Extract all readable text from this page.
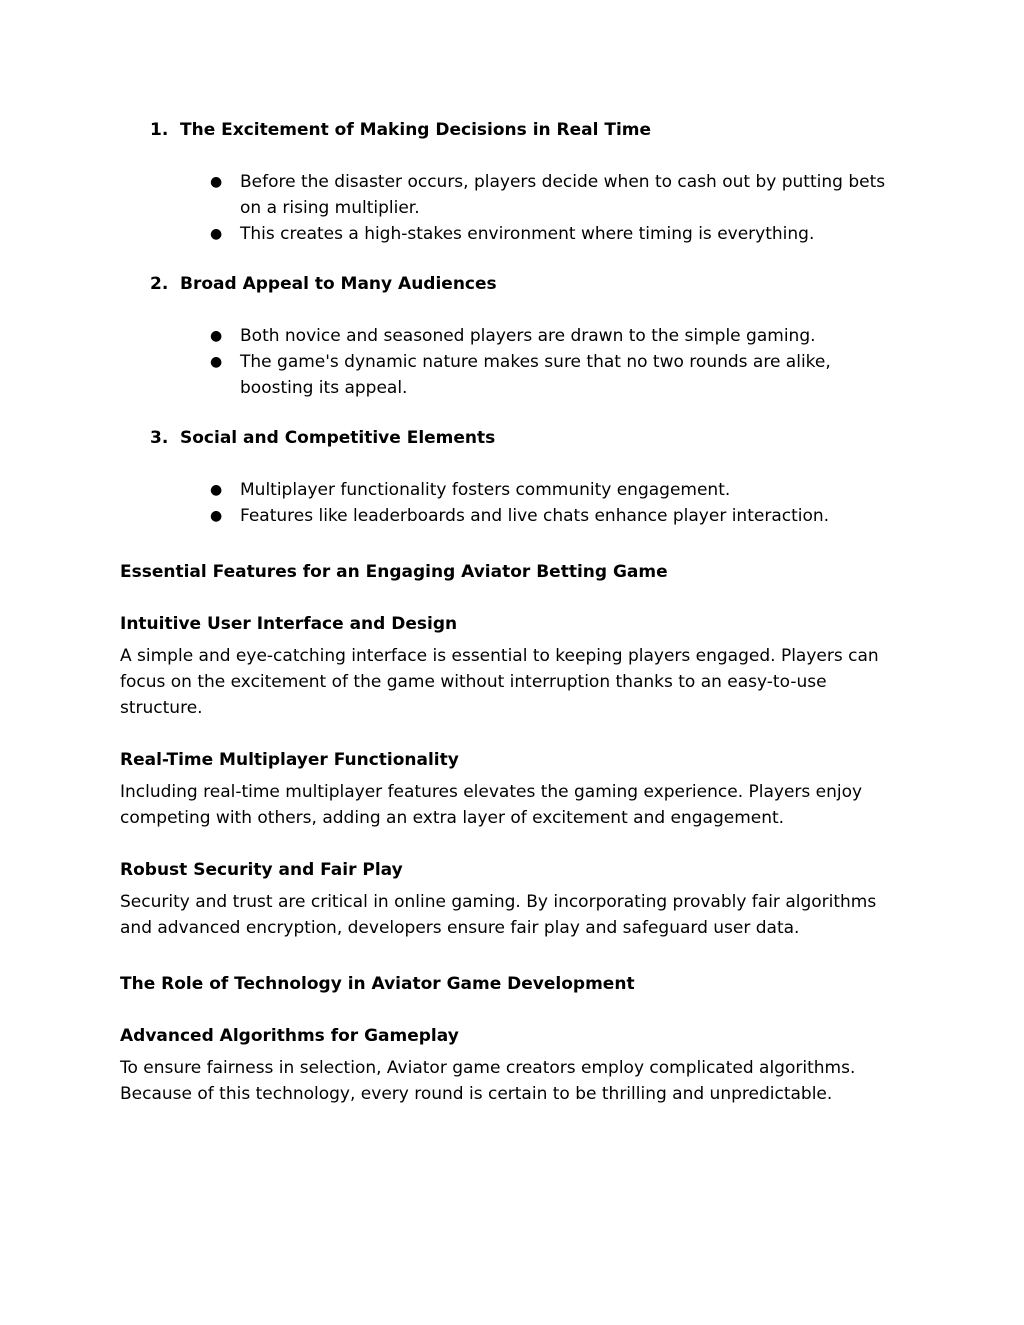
1. The Excitement of Making Decisions in Real Time
● Before the disaster occurs, players decide when to cash out by putting bets on a rising multiplier.
● This creates a high-stakes environment where timing is everything.
2. Broad Appeal to Many Audiences
● Both novice and seasoned players are drawn to the simple gaming.
● The game's dynamic nature makes sure that no two rounds are alike, boosting its appeal.
3. Social and Competitive Elements
● Multiplayer functionality fosters community engagement.
● Features like leaderboards and live chats enhance player interaction.
Essential Features for an Engaging Aviator Betting Game
Intuitive User Interface and Design

A simple and eye-catching interface is essential to keeping players engaged. Players can focus on the excitement of the game without interruption thanks to an easy-to-use structure.

Real-Time Multiplayer Functionality

Including real-time multiplayer features elevates the gaming experience. Players enjoy competing with others, adding an extra layer of excitement and engagement.

Robust Security and Fair Play

Security and trust are critical in online gaming. By incorporating provably fair algorithms and advanced encryption, developers ensure fair play and safeguard user data.

The Role of Technology in Aviator Game Development
Advanced Algorithms for Gameplay

To ensure fairness in selection, Aviator game creators employ complicated algorithms. Because of this technology, every round is certain to be thrilling and unpredictable.
